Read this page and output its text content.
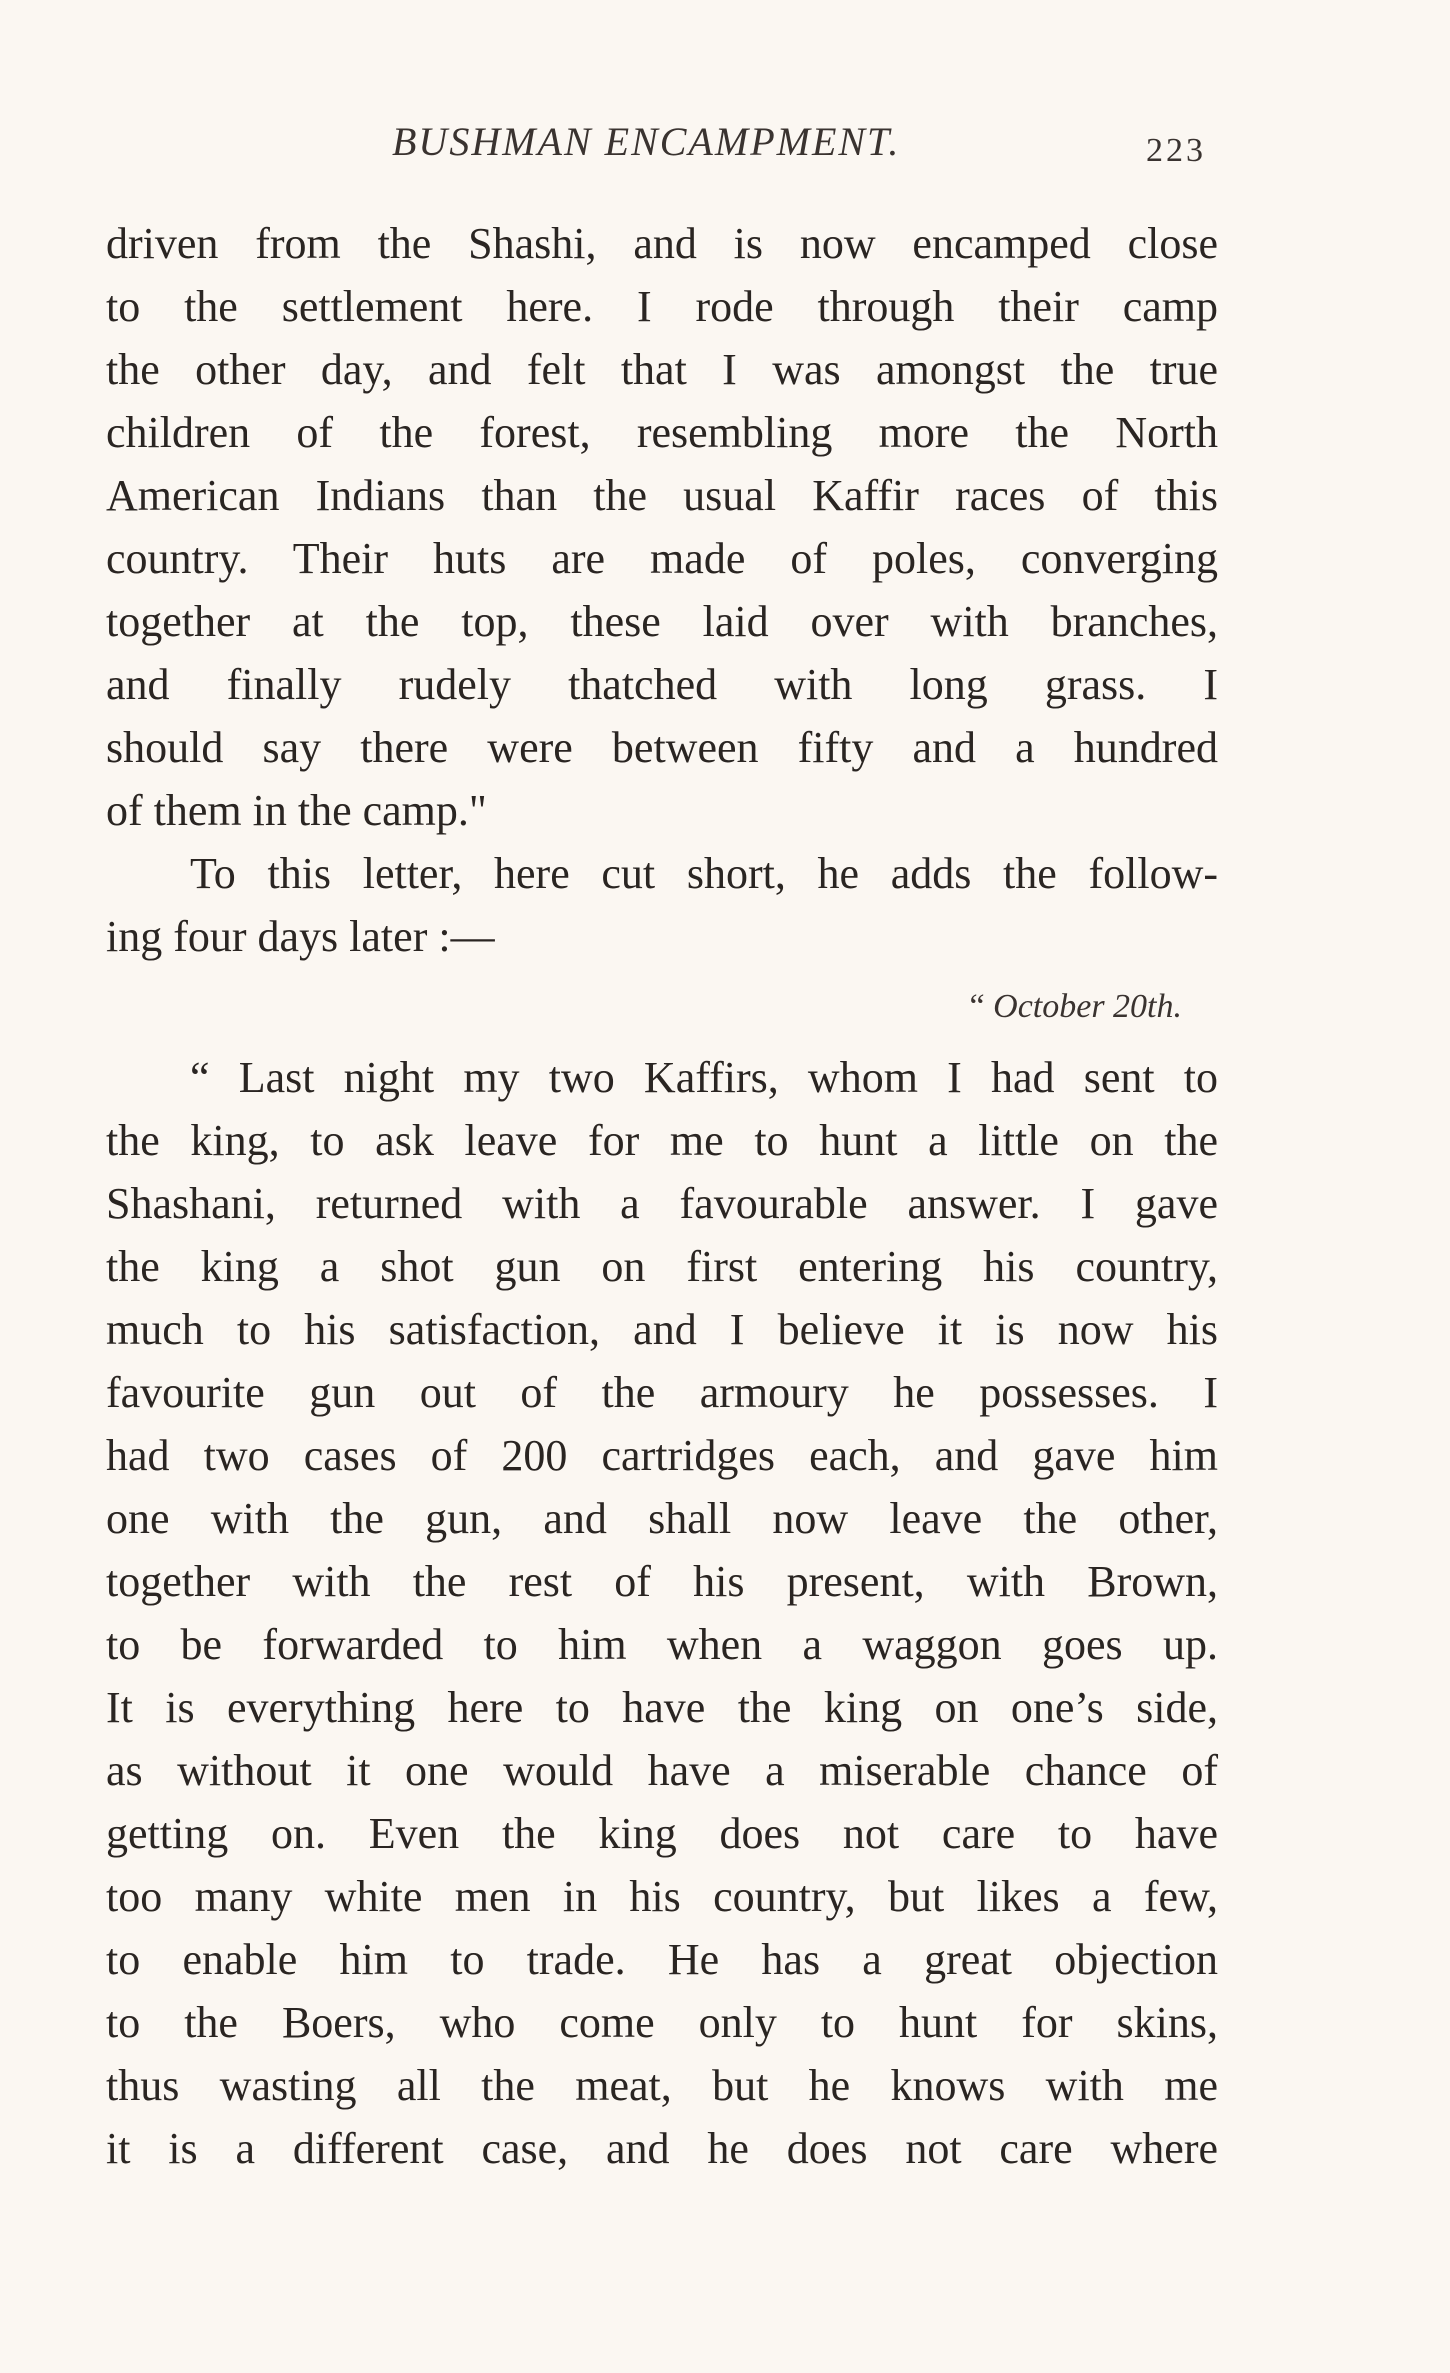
BUSHMAN ENCAMPMENT.	223
driven from the Shashi, and is now encamped close
to the settlement here. I rode through their camp
the other day, and felt that I was amongst the true
children of the forest, resembling more the North
American Indians than the usual Kaffir races of this
country. Their huts are made of poles, converging
together at the top, these laid over with branches,
and finally rudely thatched with long grass. I
should say there were between fifty and a hundred
of them in the camp."
To this letter, here cut short, he adds the follow-
ing four days later :—
“ October 20th.
“ Last night my two Kaffirs, whom I had sent to
the king, to ask leave for me to hunt a little on the
Shashani, returned with a favourable answer. I gave
the king a shot gun on first entering his country,
much to his satisfaction, and I believe it is now his
favourite gun out of the armoury he possesses. I
had two cases of 200 cartridges each, and gave him
one with the gun, and shall now leave the other,
together with the rest of his present, with Brown,
to be forwarded to him when a waggon goes up.
It is everything here to have the king on one’s side,
as without it one would have a miserable chance of
getting on. Even the king does not care to have
too many white men in his country, but likes a few,
to enable him to trade. He has a great objection
to the Boers, who come only to hunt for skins,
thus wasting all the meat, but he knows with me
it is a different case, and he does not care where
